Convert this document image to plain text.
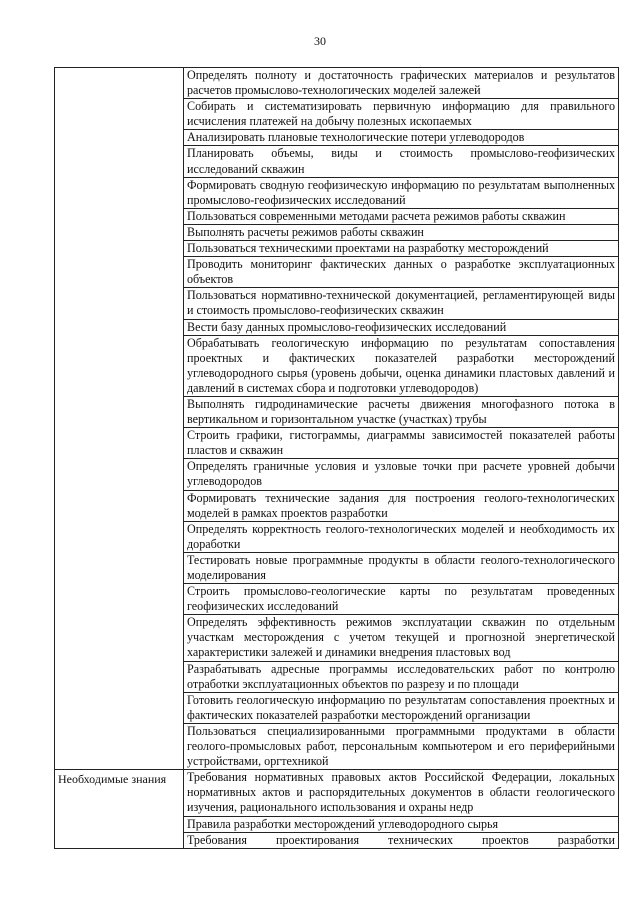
30

	Определять полноту и достаточность графических материалов и результатов расчетов промыслово-технологических моделей залежей

	Собирать и систематизировать первичную информацию для правильного исчисления платежей на добычу полезных ископаемых

	Анализировать плановые технологические потери углеводородов

	Планировать объемы, виды и стоимость промыслово-геофизических исследований скважин

	Формировать сводную геофизическую информацию по результатам выполненных промыслово-геофизических исследований

	Пользоваться современными методами расчета режимов работы скважин

	Выполнять расчеты режимов работы скважин

	Пользоваться техническими проектами на разработку месторождений

	Проводить мониторинг фактических данных о разработке эксплуатационных объектов

	Пользоваться нормативно-технической документацией, регламентирующей виды и стоимость промыслово-геофизических скважин

	Вести базу данных промыслово-геофизических исследований

	Обрабатывать геологическую информацию по результатам сопоставления проектных и фактических показателей разработки месторождений углеводородного сырья (уровень добычи, оценка динамики пластовых давлений и давлений в системах сбора и подготовки углеводородов)

	Выполнять гидродинамические расчеты движения многофазного потока в вертикальном и горизонтальном участке (участках) трубы

	Строить графики, гистограммы, диаграммы зависимостей показателей работы пластов и скважин

	Определять граничные условия и узловые точки при расчете уровней добычи углеводородов

	Формировать технические задания для построения геолого-технологических моделей в рамках проектов разработки

	Определять корректность геолого-технологических моделей и необходимость их доработки

	Тестировать новые программные продукты в области геолого-технологического моделирования

	Строить промыслово-геологические карты по результатам проведенных геофизических исследований

	Определять эффективность режимов эксплуатации скважин по отдельным участкам месторождения с учетом текущей и прогнозной энергетической характеристики залежей и динамики внедрения пластовых вод

	Разрабатывать адресные программы исследовательских работ по контролю отработки эксплуатационных объектов по разрезу и по площади

	Готовить геологическую информацию по результатам сопоставления проектных и фактических показателей разработки месторождений организации

	Пользоваться специализированными программными продуктами в области геолого-промысловых работ, персональным компьютером и его периферийными устройствами, оргтехникой

Необходимые знания	Требования нормативных правовых актов Российской Федерации, локальных нормативных актов и распорядительных документов в области геологического изучения, рационального использования и охраны недр

	Правила разработки месторождений углеводородного сырья

	Требования проектирования технических проектов разработки
